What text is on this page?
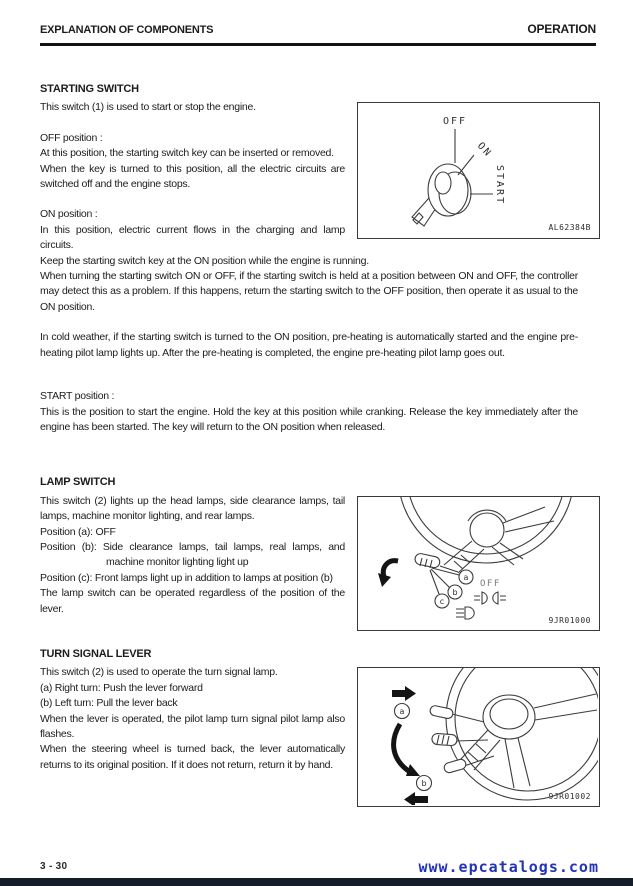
EXPLANATION OF COMPONENTS	OPERATION
STARTING SWITCH
OFF
ON
START
AL62384B

This switch (1) is used to start or stop the engine.

OFF position :

At this position, the starting switch key can be inserted or removed.

When the key is turned to this position, all the electric circuits are switched off and the engine stops.

ON position :

In this position, electric current flows in the charging and lamp circuits.

Keep the starting switch key at the ON position while the engine is running.

When turning the starting switch ON or OFF, if the starting switch is held at a position between ON and OFF, the controller may detect this as a problem. If this happens, return the starting switch to the OFF position, then operate it as usual to the ON position.

In cold weather, if the starting switch is turned to the ON position, pre-heating is automatically started and the engine pre-heating pilot lamp lights up. After the pre-heating is completed, the engine pre-heating pilot lamp goes out.

START position :

This is the position to start the engine. Hold the key at this position while cranking. Release the key immediately after the engine has been started. The key will return to the ON position when released.

LAMP SWITCH
a
b
c
OFF
9JR01000

This switch (2) lights up the head lamps, side clearance lamps, tail lamps, machine monitor lighting, and rear lamps.

Position (a): OFF

Position (b): Side clearance lamps, tail lamps, real lamps, and machine monitor lighting light up

Position (c): Front lamps light up in addition to lamps at position (b)

The lamp switch can be operated regardless of the position of the lever.

TURN SIGNAL LEVER
a
b
9JR01002

This switch (2) is used to operate the turn signal lamp.

(a) Right turn: Push the lever forward

(b) Left turn: Pull the lever back

When the lever is operated, the pilot lamp turn signal pilot lamp also flashes.

When the steering wheel is turned back, the lever automatically returns to its original position. If it does not return, return it by hand.

3 - 30	www.epcatalogs.com
